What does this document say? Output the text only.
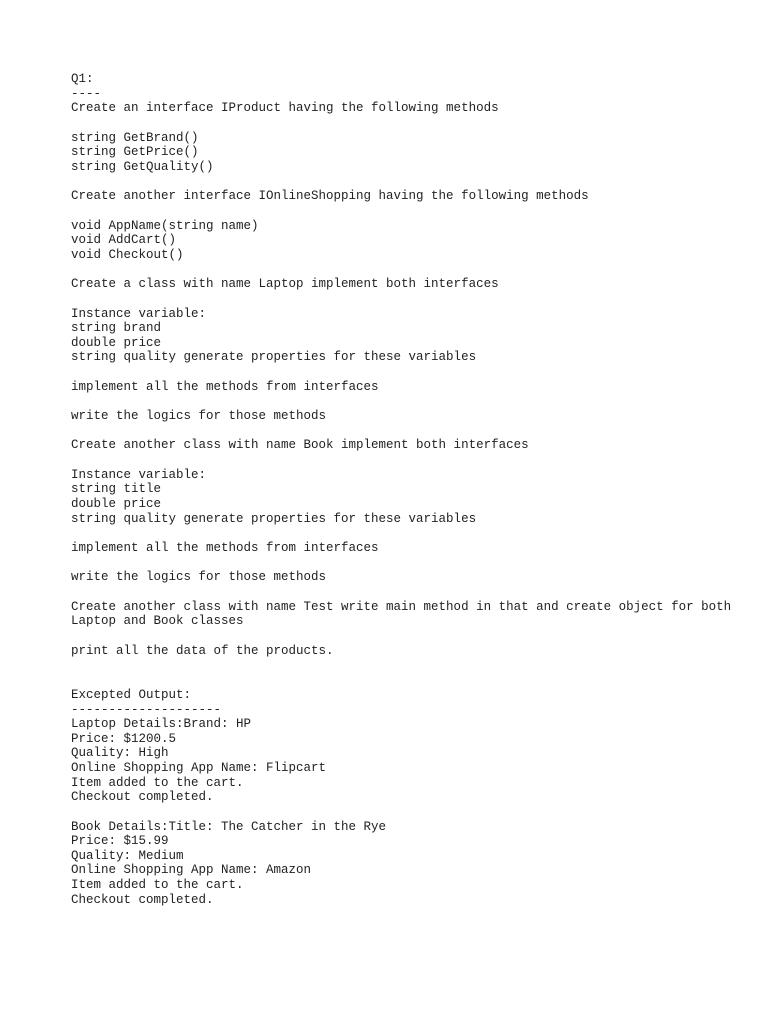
Q1:
----
Create an interface IProduct having the following methods
string GetBrand()
string GetPrice()
string GetQuality()
Create another interface IOnlineShopping having the following methods
void AppName(string name)
void AddCart()
void Checkout()
Create a class with name Laptop implement both interfaces
Instance variable:
string brand
double price
string quality generate properties for these variables
implement all the methods from interfaces
write the logics for those methods
Create another class with name Book implement both interfaces
Instance variable:
string title
double price
string quality generate properties for these variables
implement all the methods from interfaces
write the logics for those methods
Create another class with name Test write main method in that and create object for both Laptop and Book classes
print all the data of the products.
Excepted Output:
--------------------
Laptop Details:Brand: HP
Price: $1200.5
Quality: High
Online Shopping App Name: Flipcart
Item added to the cart.
Checkout completed.
Book Details:Title: The Catcher in the Rye
Price: $15.99
Quality: Medium
Online Shopping App Name: Amazon
Item added to the cart.
Checkout completed.
